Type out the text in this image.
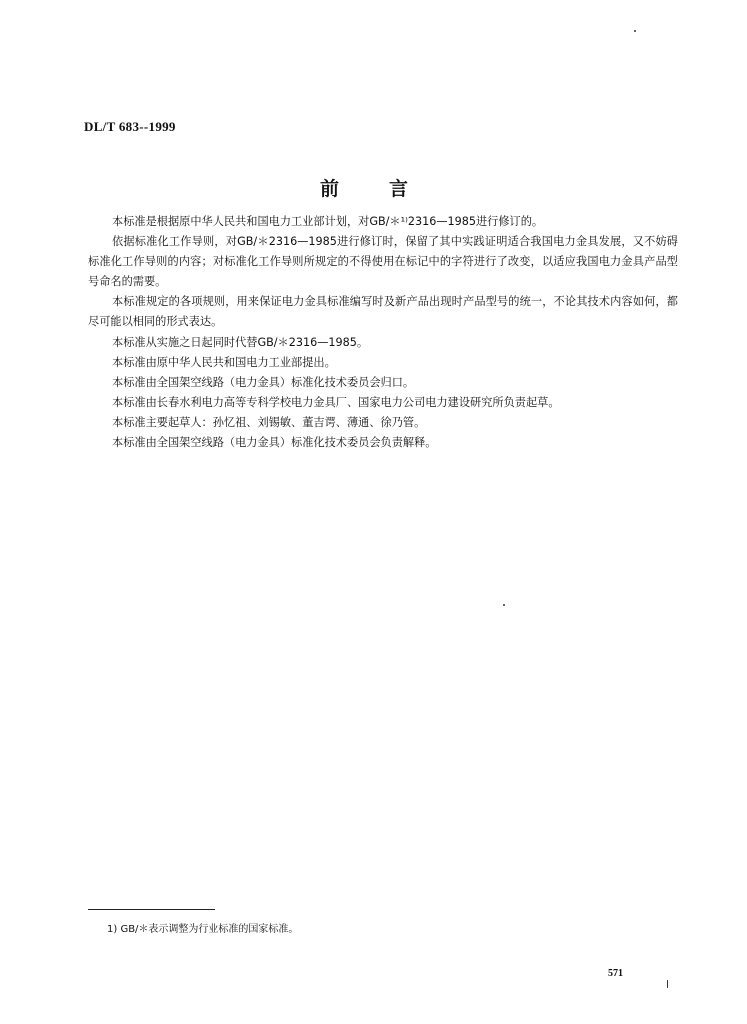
DL/T 683--1999
前言

本标准是根据原中华人民共和国电力工业部计划，对GB/＊¹⁾2316—1985进行修订的。

依据标准化工作导则，对GB/＊2316—1985进行修订时，保留了其中实践证明适合我国电力金具发展，又不妨碍标准化工作导则的内容；对标准化工作导则所规定的不得使用在标记中的字符进行了改变，以适应我国电力金具产品型号命名的需要。

本标准规定的各项规则，用来保证电力金具标准编写时及新产品出现时产品型号的统一，不论其技术内容如何，都尽可能以相同的形式表达。

本标准从实施之日起同时代替GB/＊2316—1985。

本标准由原中华人民共和国电力工业部提出。

本标准由全国架空线路（电力金具）标准化技术委员会归口。

本标准由长春水利电力高等专科学校电力金具厂、国家电力公司电力建设研究所负责起草。

本标准主要起草人：孙忆祖、刘锡敏、董吉谔、薄通、徐乃管。

本标准由全国架空线路（电力金具）标准化技术委员会负责解释。

1) GB/＊表示调整为行业标准的国家标准。
571
